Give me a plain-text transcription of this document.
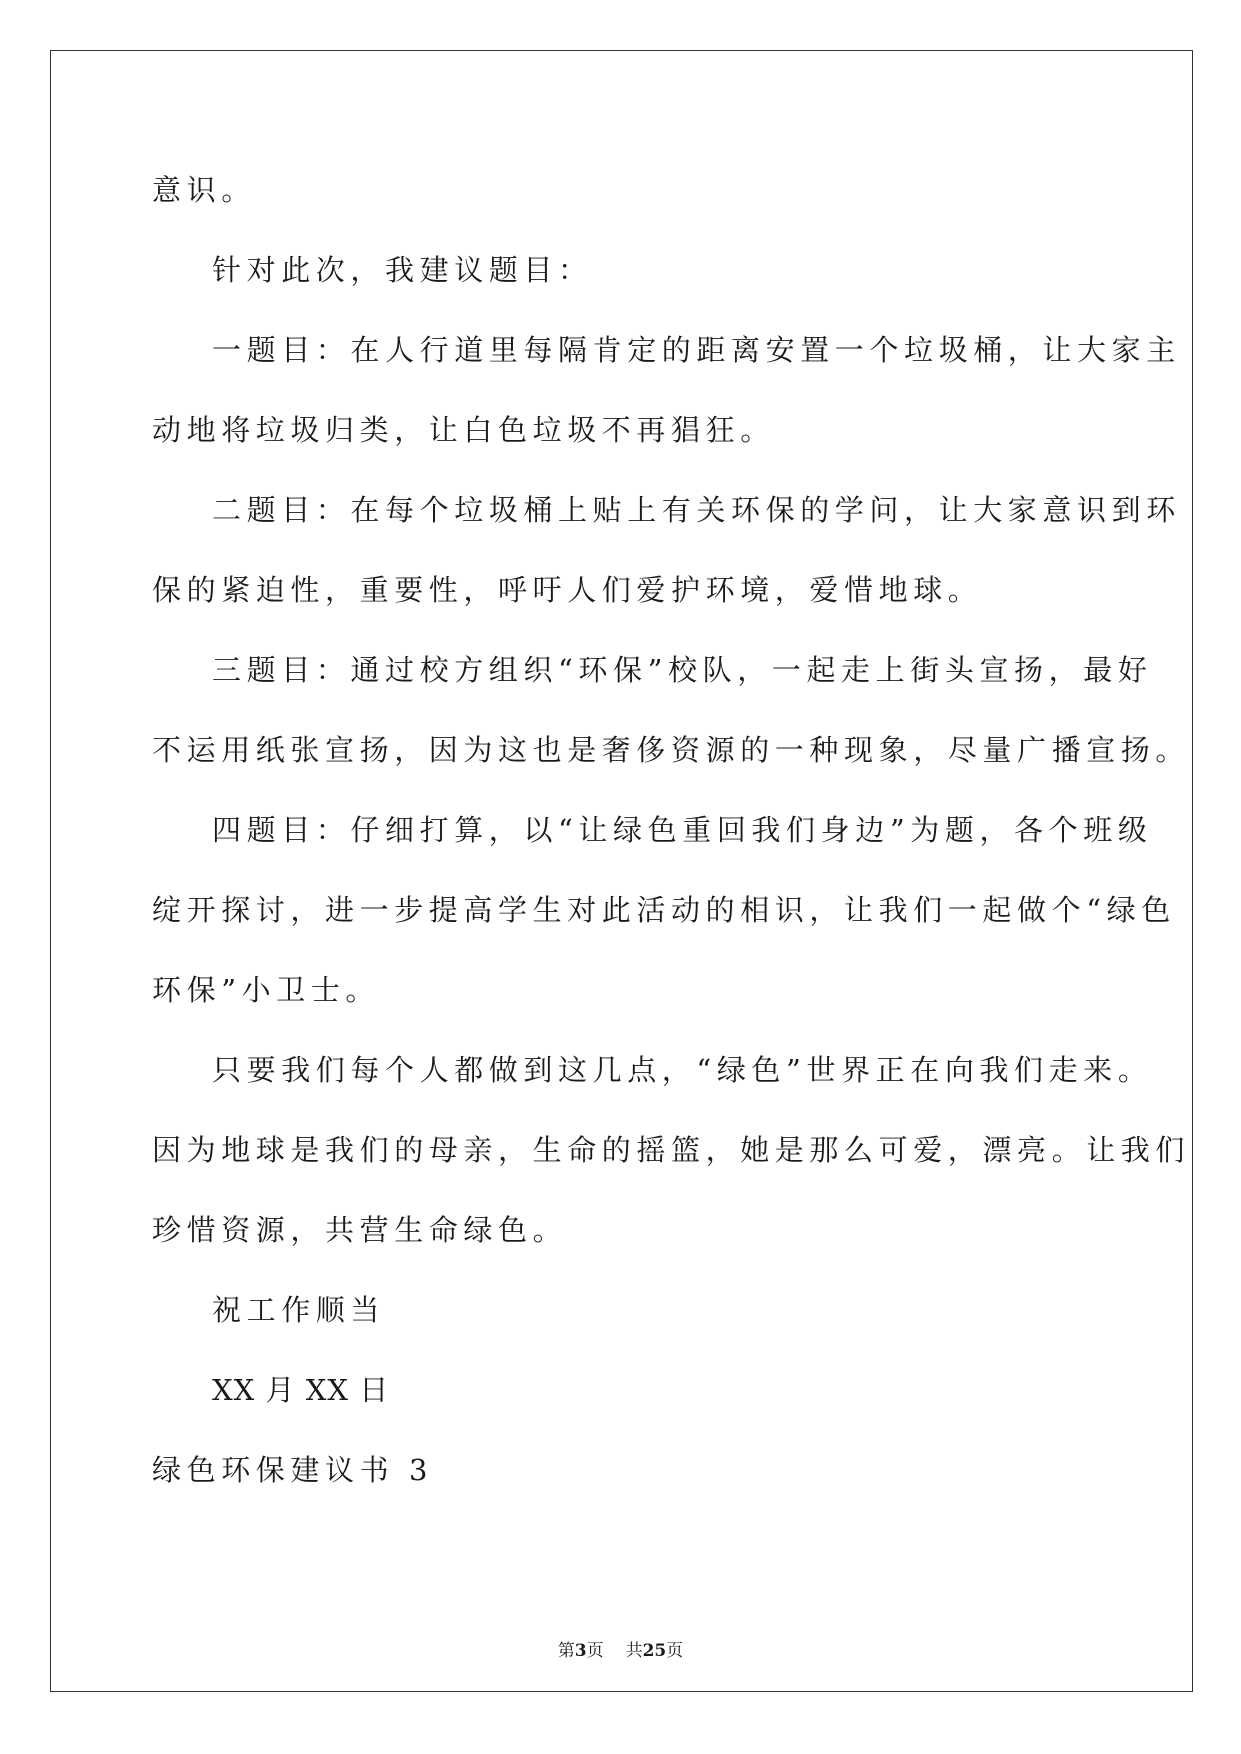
意识。
针对此次，我建议题目：
一题目：在人行道里每隔肯定的距离安置一个垃圾桶，让大家主
动地将垃圾归类，让白色垃圾不再猖狂。
二题目：在每个垃圾桶上贴上有关环保的学问，让大家意识到环
保的紧迫性，重要性，呼吁人们爱护环境，爱惜地球。
三题目：通过校方组织“环保”校队，一起走上街头宣扬，最好
不运用纸张宣扬，因为这也是奢侈资源的一种现象，尽量广播宣扬。
四题目：仔细打算，以“让绿色重回我们身边”为题，各个班级
绽开探讨，进一步提高学生对此活动的相识，让我们一起做个“绿色
环保”小卫士。
只要我们每个人都做到这几点，“绿色”世界正在向我们走来。
因为地球是我们的母亲，生命的摇篮，她是那么可爱，漂亮。让我们
珍惜资源，共营生命绿色。
祝工作顺当
XX 月 XX 日
绿色环保建议书 3
第3页 共25页
